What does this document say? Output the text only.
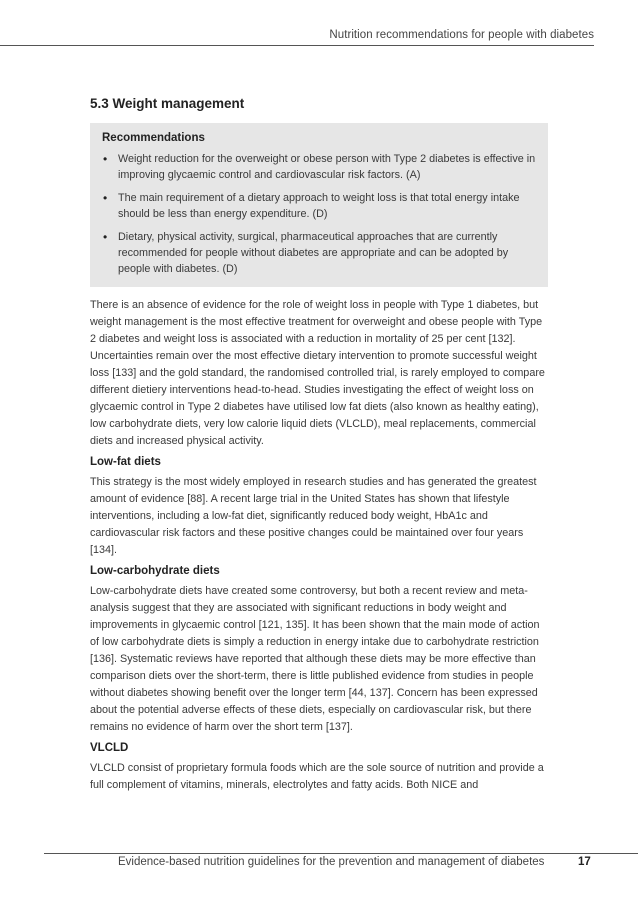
Nutrition recommendations for people with diabetes
5.3 Weight management
Recommendations
• Weight reduction for the overweight or obese person with Type 2 diabetes is effective in improving glycaemic control and cardiovascular risk factors. (A)
• The main requirement of a dietary approach to weight loss is that total energy intake should be less than energy expenditure. (D)
• Dietary, physical activity, surgical, pharmaceutical approaches that are currently recommended for people without diabetes are appropriate and can be adopted by people with diabetes. (D)

There is an absence of evidence for the role of weight loss in people with Type 1 diabetes, but weight management is the most effective treatment for overweight and obese people with Type 2 diabetes and weight loss is associated with a reduction in mortality of 25 per cent [132]. Uncertainties remain over the most effective dietary intervention to promote successful weight loss [133] and the gold standard, the randomised controlled trial, is rarely employed to compare different dietiery interventions head-to-head. Studies investigating the effect of weight loss on glycaemic control in Type 2 diabetes have utilised low fat diets (also known as healthy eating), low carbohydrate diets, very low calorie liquid diets (VLCLD), meal replacements, commercial diets and increased physical activity.

Low-fat diets

This strategy is the most widely employed in research studies and has generated the greatest amount of evidence [88]. A recent large trial in the United States has shown that lifestyle interventions, including a low-fat diet, significantly reduced body weight, HbA1c and cardiovascular risk factors and these positive changes could be maintained over four years [134].

Low-carbohydrate diets

Low-carbohydrate diets have created some controversy, but both a recent review and meta-analysis suggest that they are associated with significant reductions in body weight and improvements in glycaemic control [121, 135]. It has been shown that the main mode of action of low carbohydrate diets is simply a reduction in energy intake due to carbohydrate restriction [136]. Systematic reviews have reported that although these diets may be more effective than comparison diets over the short-term, there is little published evidence from studies in people without diabetes showing benefit over the longer term [44, 137]. Concern has been expressed about the potential adverse effects of these diets, especially on cardiovascular risk, but there remains no evidence of harm over the short term [137].

VLCLD

VLCLD consist of proprietary formula foods which are the sole source of nutrition and provide a full complement of vitamins, minerals, electrolytes and fatty acids. Both NICE and

Evidence-based nutrition guidelines for the prevention and management of diabetes	17
